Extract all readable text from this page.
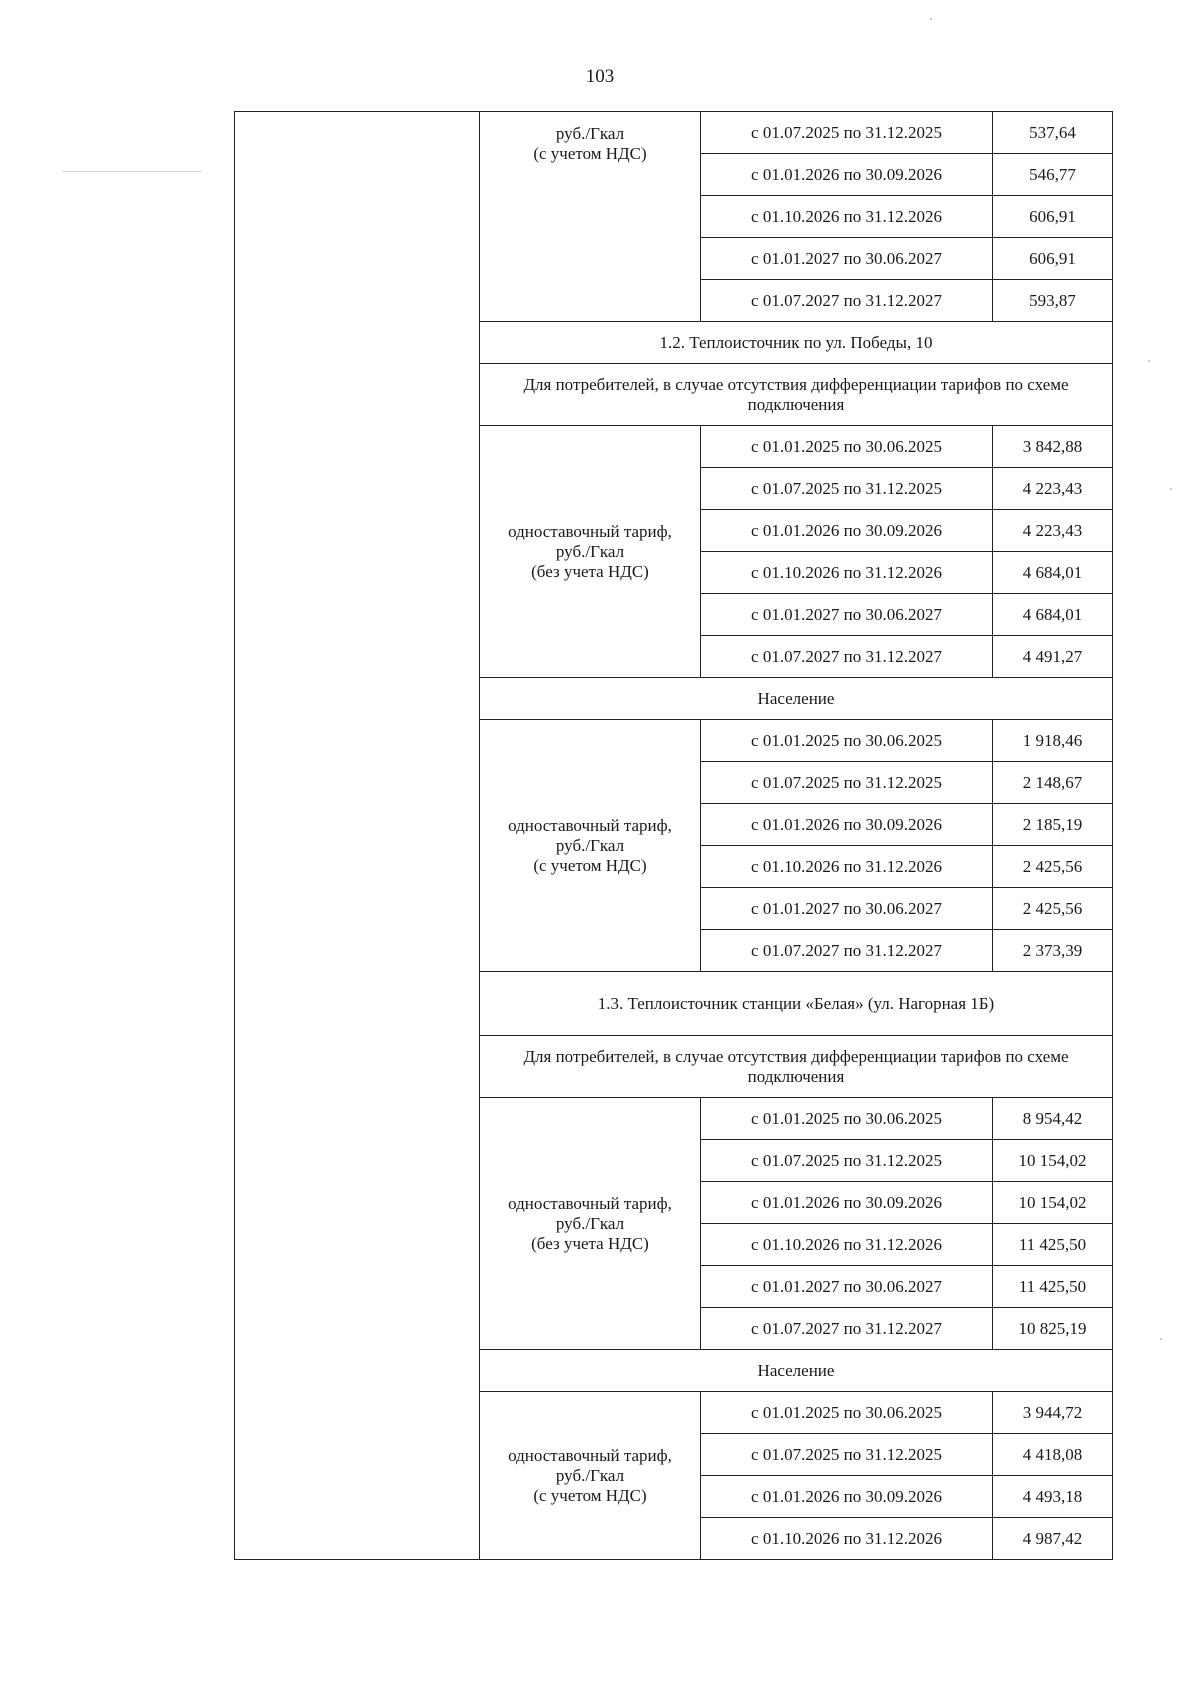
103

	руб./Гкал
(с учетом НДС)	с 01.07.2025 по 31.12.2025	537,64
		с 01.01.2026 по 30.09.2026	546,77
		с 01.10.2026 по 31.12.2026	606,91
		с 01.01.2027 по 30.06.2027	606,91
		с 01.07.2027 по 31.12.2027	593,87
	1.2. Теплоисточник по ул. Победы, 10		
	Для потребителей, в случае отсутствия дифференциации тарифов по схеме подключения		

	одноставочный тариф,
руб./Гкал
(без учета НДС)	с 01.01.2025 по 30.06.2025	3 842,88
		с 01.07.2025 по 31.12.2025	4 223,43
		с 01.01.2026 по 30.09.2026	4 223,43
		с 01.10.2026 по 31.12.2026	4 684,01
		с 01.01.2027 по 30.06.2027	4 684,01
		с 01.07.2027 по 31.12.2027	4 491,27
	Население		

	одноставочный тариф,
руб./Гкал
(с учетом НДС)	с 01.01.2025 по 30.06.2025	1 918,46
		с 01.07.2025 по 31.12.2025	2 148,67
		с 01.01.2026 по 30.09.2026	2 185,19
		с 01.10.2026 по 31.12.2026	2 425,56
		с 01.01.2027 по 30.06.2027	2 425,56
		с 01.07.2027 по 31.12.2027	2 373,39
	1.3. Теплоисточник станции «Белая» (ул. Нагорная 1Б)		
	Для потребителей, в случае отсутствия дифференциации тарифов по схеме подключения		

	одноставочный тариф,
руб./Гкал
(без учета НДС)	с 01.01.2025 по 30.06.2025	8 954,42
		с 01.07.2025 по 31.12.2025	10 154,02
		с 01.01.2026 по 30.09.2026	10 154,02
		с 01.10.2026 по 31.12.2026	11 425,50
		с 01.01.2027 по 30.06.2027	11 425,50
		с 01.07.2027 по 31.12.2027	10 825,19
	Население		

	одноставочный тариф,
руб./Гкал
(с учетом НДС)	с 01.01.2025 по 30.06.2025	3 944,72
		с 01.07.2025 по 31.12.2025	4 418,08
		с 01.01.2026 по 30.09.2026	4 493,18
		с 01.10.2026 по 31.12.2026	4 987,42
